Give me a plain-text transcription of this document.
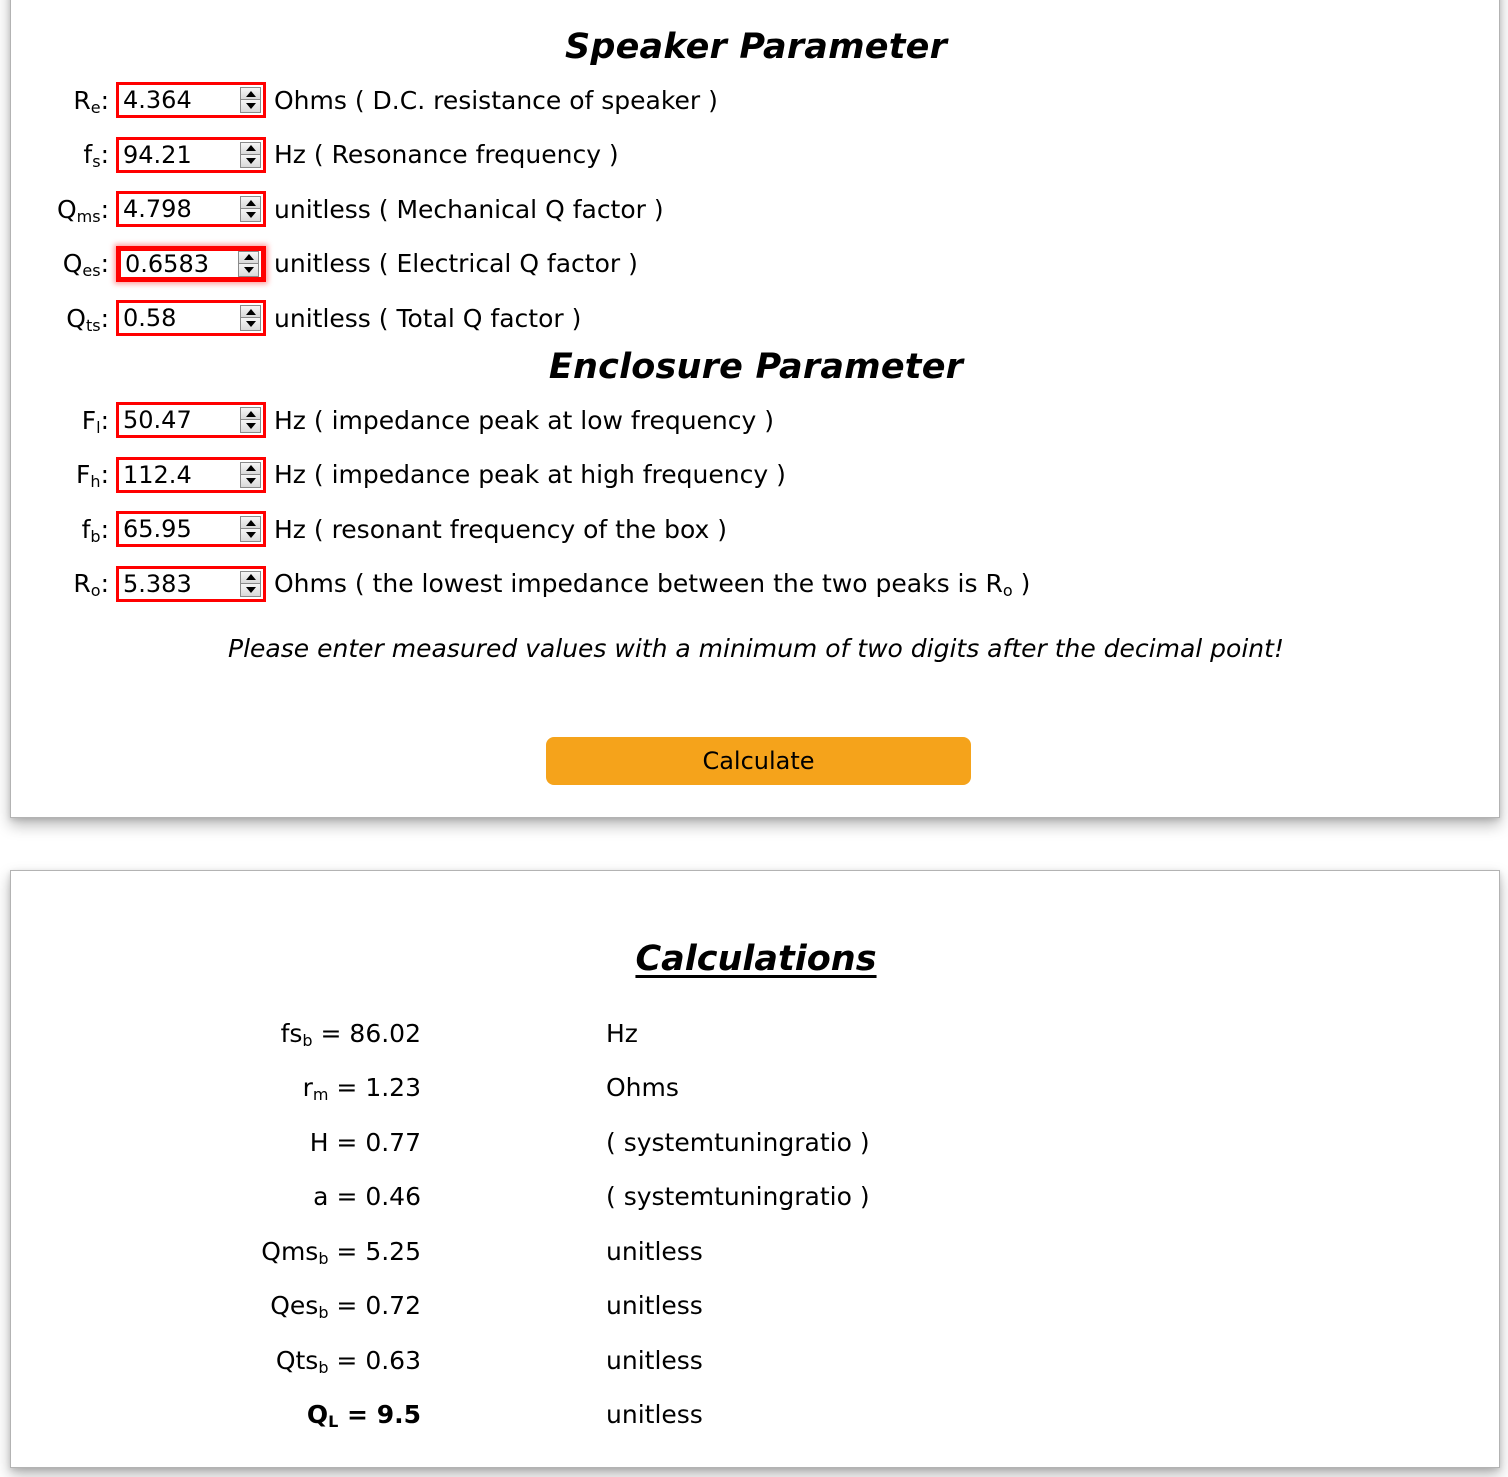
Speaker Parameter
$R_e$:
4.364	Ohms ( D.C. resistance of speaker )
$f_s$:
94.21	Hz ( Resonance frequency )
$Q_{ms}$:
4.798	unitless ( Mechanical Q factor )
$Q_{es}$:
0.6583	unitless ( Electrical Q factor )
$Q_{ts}$:
0.58	unitless ( Total Q factor )
Enclosure Parameter
$F_l$:
50.47	Hz ( impedance peak at low frequency )
$F_h$:
112.4	Hz ( impedance peak at high frequency )
$f_b$:
65.95	Hz ( resonant frequency of the box )
$R_o$:
5.383	Ohms ( the lowest impedance between the two peaks is $R_o$ )
Please enter measured values with a minimum of two digits after the decimal point!
Calculate
Calculations
$fs_b = 86.02$	Hz
$r_m = 1.23$	Ohms
H = 0.77	( systemtuningratio )
a = 0.46	( systemtuningratio )
Qms$_b$ = 5.25	unitless
Qes$_b$ = 0.72	unitless
Qts$_b$ = 0.63	unitless
$Q_L = 9.5$	unitless
